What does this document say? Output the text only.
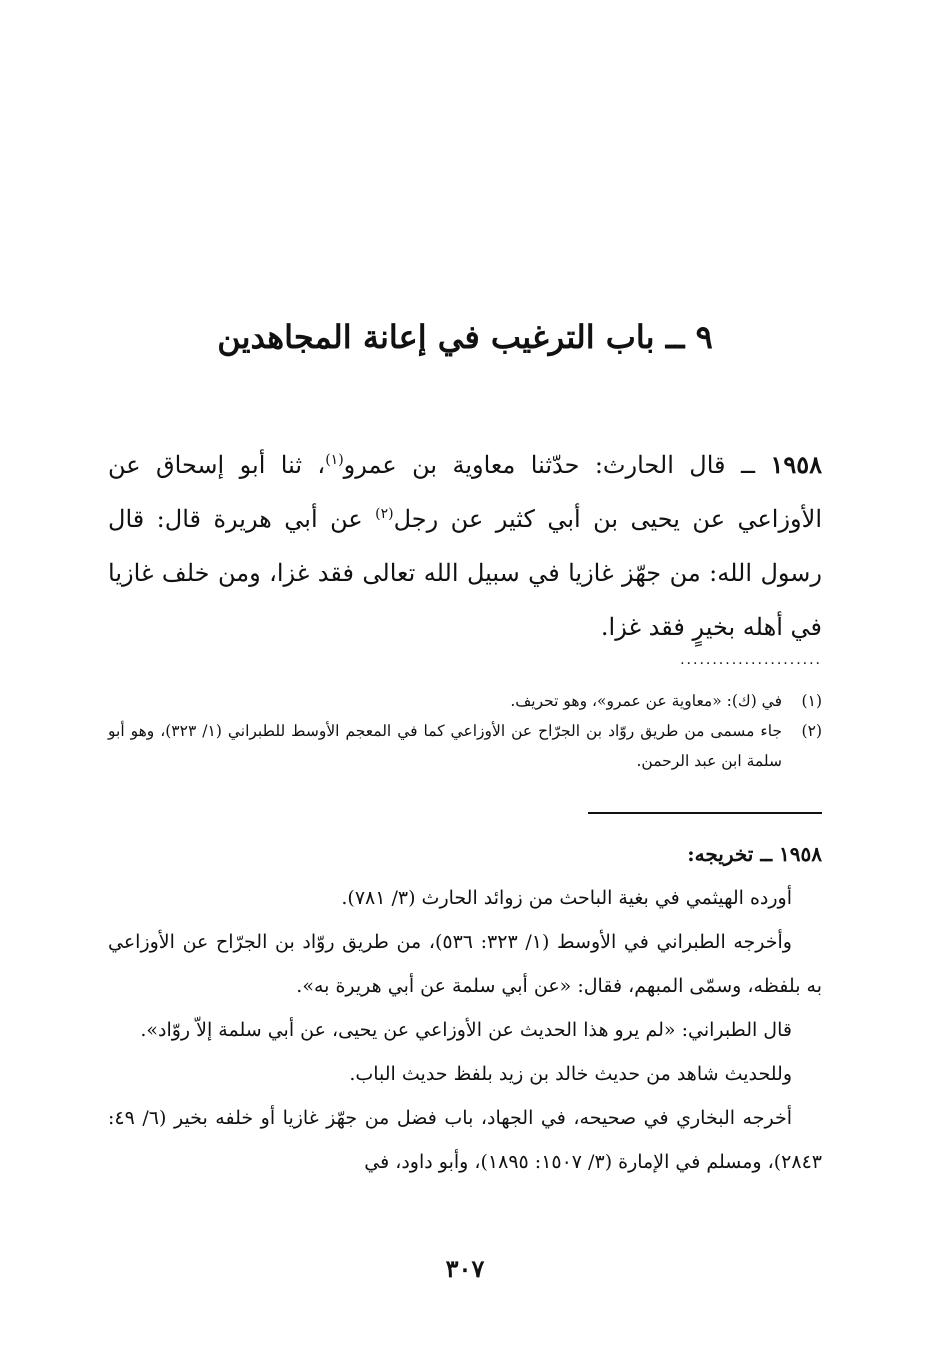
٩ ــ باب الترغيب في إعانة المجاهدين
١٩٥٨ ــ قال الحارث: حدّثنا معاوية بن عمرو$^{(١)}$، ثنا أبو إسحاق عن الأوزاعي عن يحيى بن أبي كثير عن رجل$^{(٢)}$ عن أبي هريرة قال: قال رسول الله: من جهّز غازيا في سبيل الله تعالى فقد غزا، ومن خلف غازيا في أهله بخيرٍ فقد غزا.
......................
(١)
في (ك): «معاوية عن عمرو»، وهو تحريف.
(٢)
جاء مسمى من طريق روّاد بن الجرّاح عن الأوزاعي كما في المعجم الأوسط للطبراني (١/ ٣٢٣)، وهو أبو سلمة ابن عبد الرحمن.
١٩٥٨ ــ تخريجه:

أورده الهيثمي في بغية الباحث من زوائد الحارث (٣/ ٧٨١).

وأخرجه الطبراني في الأوسط (١/ ٣٢٣: ٥٣٦)، من طريق روّاد بن الجرّاح عن الأوزاعي به بلفظه، وسمّى المبهم، فقال: «عن أبي سلمة عن أبي هريرة به».

قال الطبراني: «لم يرو هذا الحديث عن الأوزاعي عن يحيى، عن أبي سلمة إلاّ روّاد».

وللحديث شاهد من حديث خالد بن زيد بلفظ حديث الباب.

أخرجه البخاري في صحيحه، في الجهاد، باب فضل من جهّز غازيا أو خلفه بخير (٦/ ٤٩: ٢٨٤٣)، ومسلم في الإمارة (٣/ ١٥٠٧: ١٨٩٥)، وأبو داود، في

٣٠٧
